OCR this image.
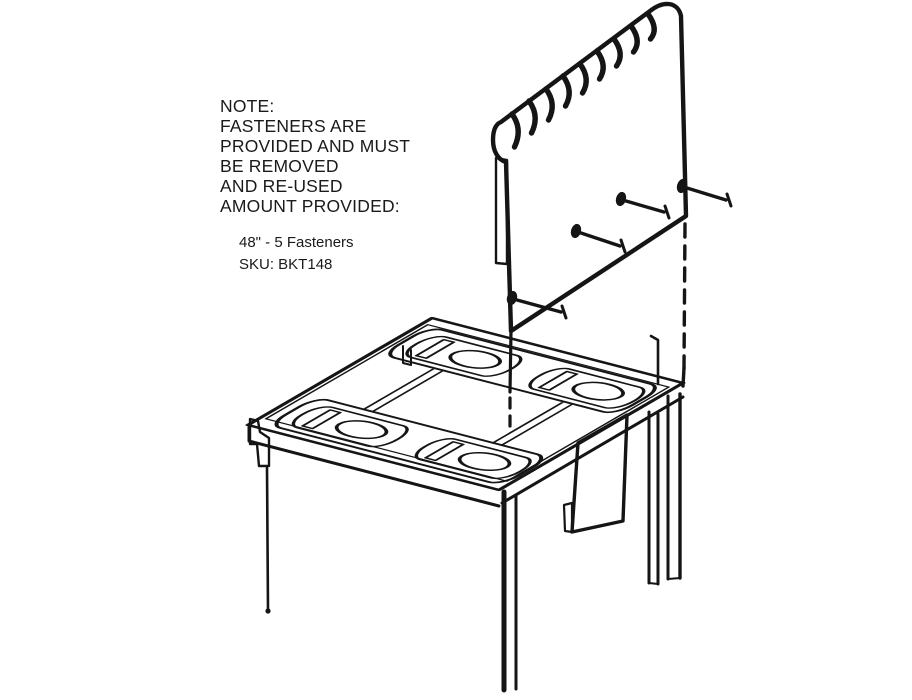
NOTE:
FASTENERS ARE
PROVIDED AND MUST
BE REMOVED
AND RE-USED
AMOUNT PROVIDED:
48" - 5 Fasteners
SKU: BKT148
